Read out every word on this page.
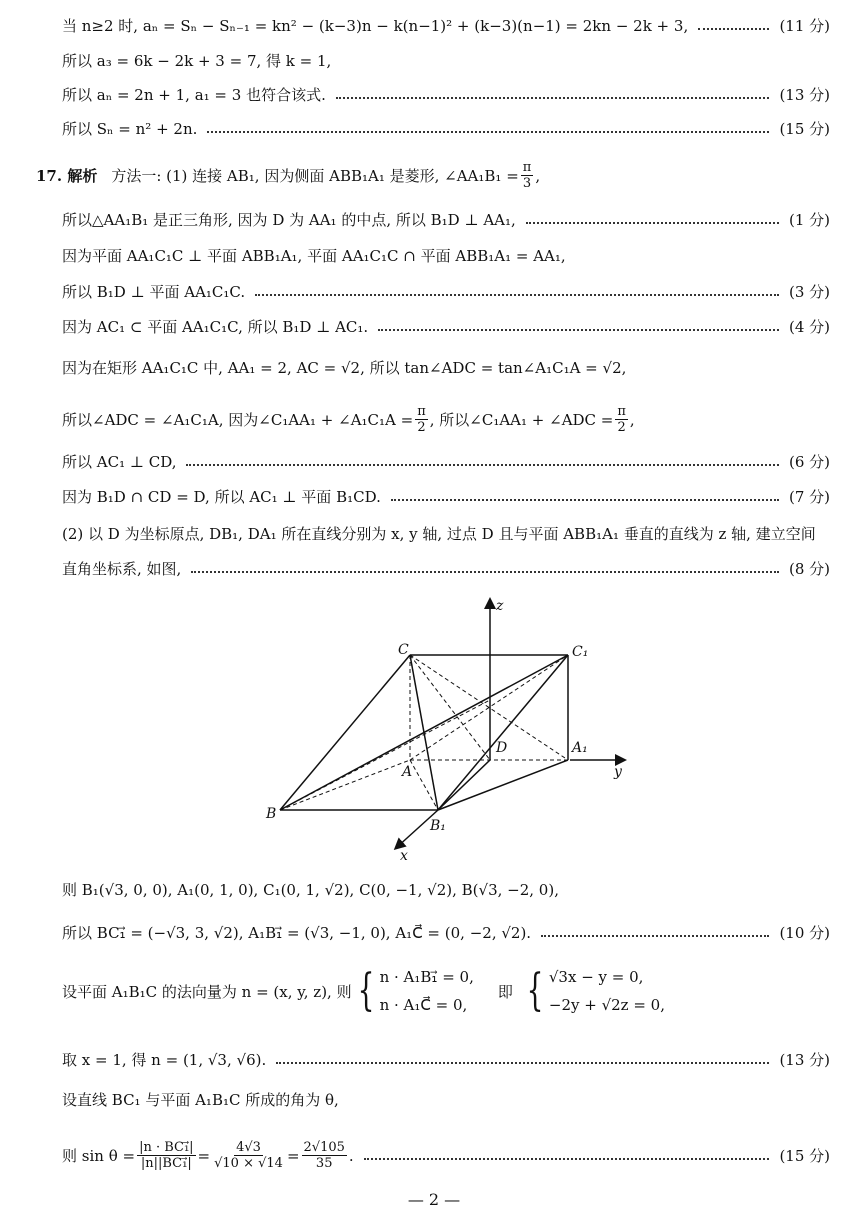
当 n≥2 时, aₙ = Sₙ − Sₙ₋₁ = kn² − (k−3)n − k(n−1)² + (k−3)(n−1) = 2kn − 2k + 3,	(11 分)
所以 a₃ = 6k − 2k + 3 = 7, 得 k = 1,
所以 aₙ = 2n + 1, a₁ = 3 也符合该式.	(13 分)
所以 Sₙ = n² + 2n.	(15 分)
17. 解析 方法一: (1) 连接 AB₁, 因为侧面 ABB₁A₁ 是菱形, ∠AA₁B₁ = $\frac{\pi}{3}$ ,
所以△AA₁B₁ 是正三角形, 因为 D 为 AA₁ 的中点, 所以 B₁D ⊥ AA₁,	(1 分)
因为平面 AA₁C₁C ⊥ 平面 ABB₁A₁, 平面 AA₁C₁C ∩ 平面 ABB₁A₁ = AA₁,
所以 B₁D ⊥ 平面 AA₁C₁C.	(3 分)
因为 AC₁ ⊂ 平面 AA₁C₁C, 所以 B₁D ⊥ AC₁.	(4 分)
因为在矩形 AA₁C₁C 中, AA₁ = 2, AC = √2, 所以 tan∠ADC = tan∠A₁C₁A = √2,
所以∠ADC = ∠A₁C₁A, 因为∠C₁AA₁ + ∠A₁C₁A = $\frac{\pi}{2}$ , 所以∠C₁AA₁ + ∠ADC = $\frac{\pi}{2}$ ,
所以 AC₁ ⊥ CD,	(6 分)
因为 B₁D ∩ CD = D, 所以 AC₁ ⊥ 平面 B₁CD.	(7 分)
(2) 以 D 为坐标原点, DB₁, DA₁ 所在直线分别为 x, y 轴, 过点 D 且与平面 ABB₁A₁ 垂直的直线为 z 轴, 建立空间
直角坐标系, 如图,	(8 分)
z
y
x
C	C₁
D
A
A₁
B
B₁
则 B₁(√3, 0, 0), A₁(0, 1, 0), C₁(0, 1, √2), C(0, −1, √2), B(√3, −2, 0),
所以 BC₁⃗ = (−√3, 3, √2), A₁B₁⃗ = (√3, −1, 0), A₁C⃗ = (0, −2, √2).	(10 分)
设平面 A₁B₁C 的法向量为 n = (x, y, z), 则 { n · A₁B₁⃗ = 0,
n · A₁C⃗ = 0,
即 { √3x − y = 0,
−2y + √2z = 0,
取 x = 1, 得 n = (1, √3, √6).	(13 分)
设直线 BC₁ 与平面 A₁B₁C 所成的角为 θ,
则 $\sin \theta = \frac{\text{|n · BC₁⃗|}}{\text{|n||BC₁⃗|}} = \frac{4√3}{√10 \times √14} = \frac{2√105}{35}$ .	(15 分)
— 2 —
